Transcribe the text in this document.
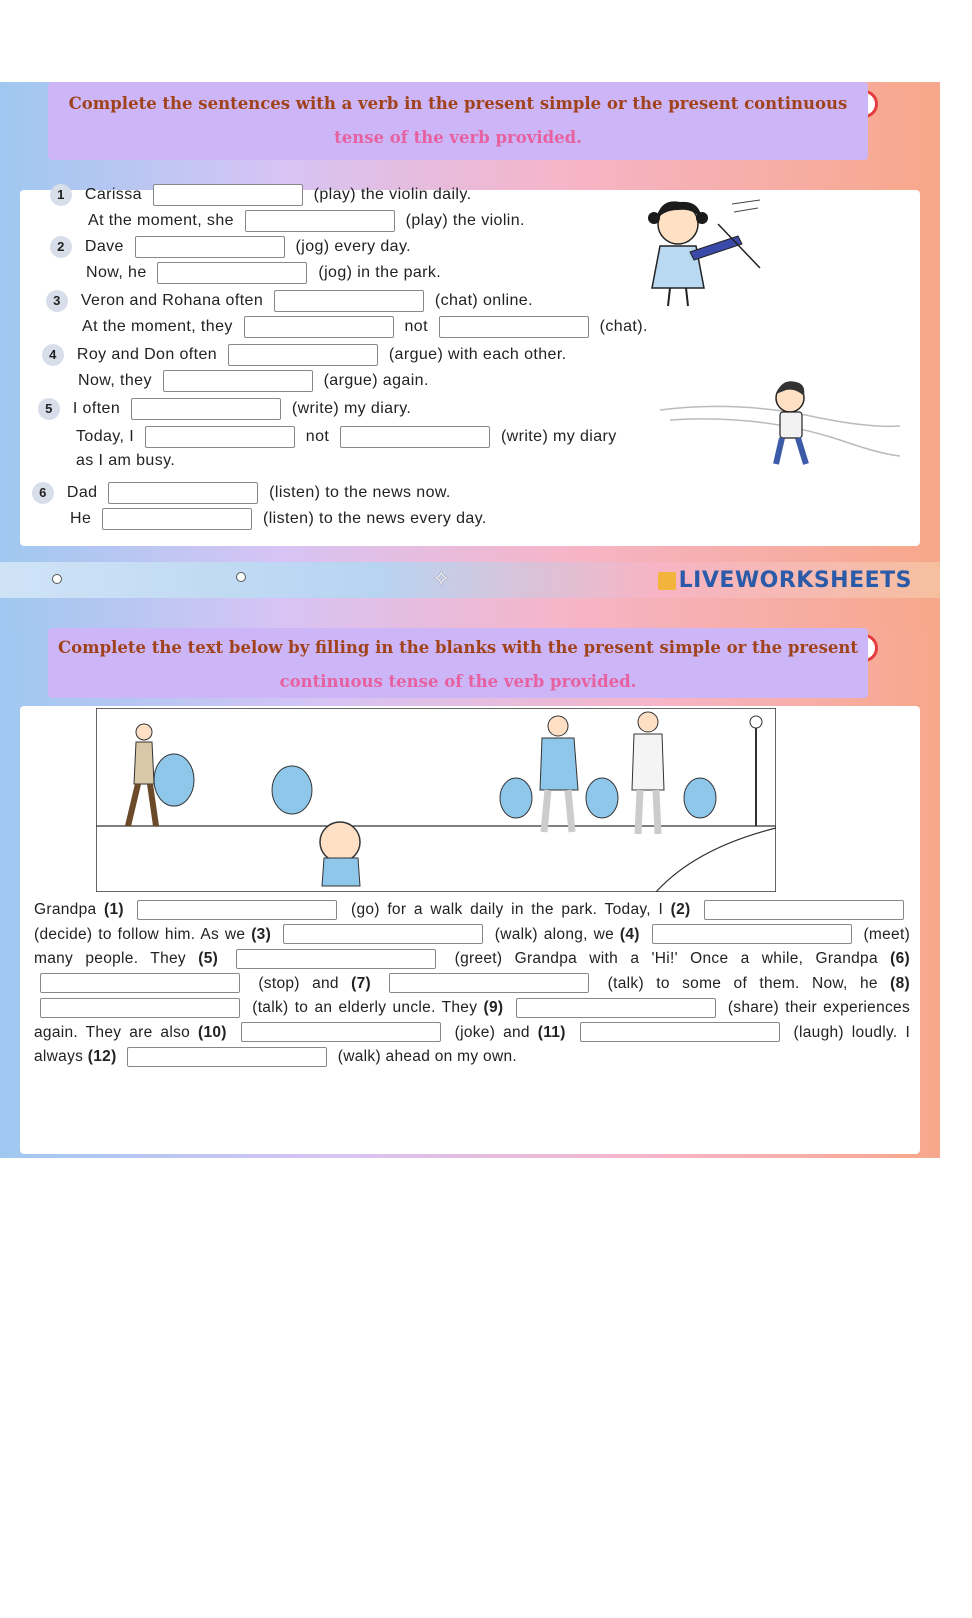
Complete the sentences with a verb in the present simple or the present continuous
tense of the verb provided.
1 Carissa	(play) the violin daily.
At the moment, she	(play) the violin.
2 Dave	(jog) every day.
Now, he	(jog) in the park.
3 Veron and Rohana often	(chat) online.
At the moment, they	not	(chat).
4 Roy and Don often	(argue) with each other.
Now, they	(argue) again.
5 I often	(write) my diary.
Today, I	not	(write) my diary
as I am busy.
6 Dad	(listen) to the news now.
He	(listen) to the news every day.
✧	LIVEWORKSHEETS
Complete the text below by filling in the blanks with the present simple or the present
continuous tense of the verb provided.
Grandpa (1)	(go) for a walk daily in the park. Today, I (2)  (decide) to follow him. As we (3)	(walk) along, we (4)	(meet) many people. They (5)	(greet) Grandpa with a 'Hi!' Once a while, Grandpa (6)  (stop) and (7)	(talk) to some of them. Now, he (8)  (talk) to an elderly uncle. They (9)	(share) their experiences again. They are also (10)	(joke) and (11)	(laugh) loudly. I always (12)	(walk) ahead on my own.
